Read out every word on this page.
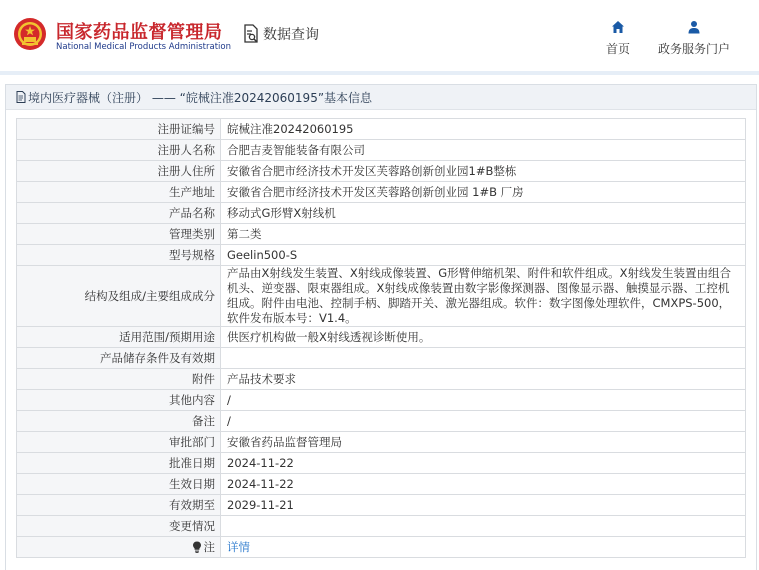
国家药品监督管理局
National Medical Products Administration
数据查询
首页 政务服务门户
境内医疗器械（注册） —— “皖械注准20242060195”基本信息
注册证编号	皖械注准20242060195
注册人名称	合肥吉麦智能装备有限公司
注册人住所	安徽省合肥市经济技术开发区芙蓉路创新创业园1#B整栋
生产地址	安徽省合肥市经济技术开发区芙蓉路创新创业园 1#B 厂房
产品名称	移动式G形臂X射线机
管理类别	第二类
型号规格	Geelin500-S
结构及组成/主要组成成分	产品由X射线发生装置、X射线成像装置、G形臂伸缩机架、附件和软件组成。X射线发生装置由组合机头、逆变器、限束器组成。X射线成像装置由数字影像探测器、图像显示器、触摸显示器、工控机组成。附件由电池、控制手柄、脚踏开关、激光器组成。软件：数字图像处理软件，CMXPS-500，软件发布版本号：V1.4。
适用范围/预期用途	供医疗机构做一般X射线透视诊断使用。
产品储存条件及有效期	
附件	产品技术要求
其他内容	/
备注	/
审批部门	安徽省药品监督管理局
批准日期	2024-11-22
生效日期	2024-11-22
有效期至	2029-11-21
变更情况	
注	详情
